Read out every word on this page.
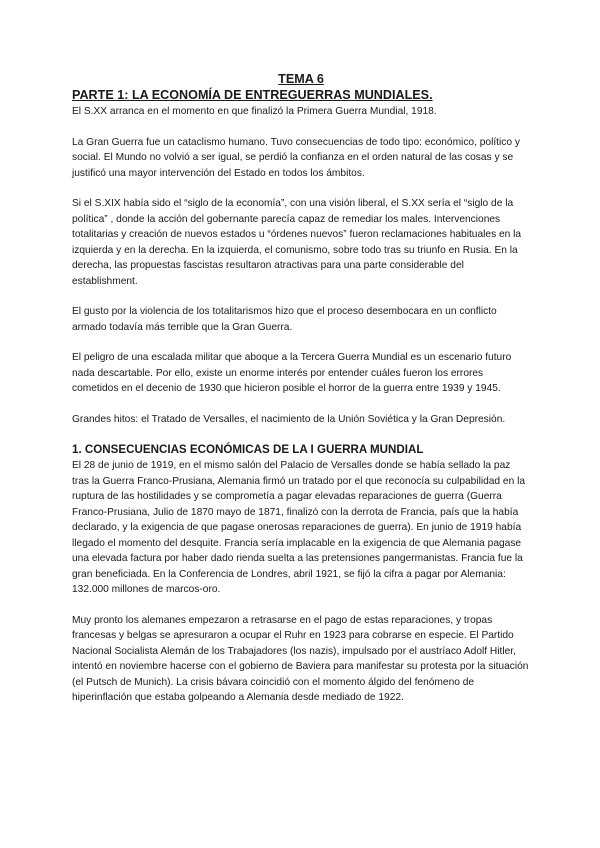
TEMA 6
PARTE 1: LA ECONOMÍA DE ENTREGUERRAS MUNDIALES.

El S.XX arranca en el momento en que finalizó la Primera Guerra Mundial, 1918.

La Gran Guerra fue un cataclismo humano. Tuvo consecuencias de todo tipo: económico, político y social. El Mundo no volvió a ser igual, se perdió la confianza en el orden natural de las cosas y se justificó una mayor intervención del Estado en todos los ámbitos.

Si el S.XIX había sido el “siglo de la economía”, con una visión liberal, el S.XX sería el “siglo de la política” , donde la acción del gobernante parecía capaz de remediar los males. Intervenciones totalitarias y creación de nuevos estados u “órdenes nuevos” fueron reclamaciones habituales en la izquierda y en la derecha. En la izquierda, el comunismo, sobre todo tras su triunfo en Rusia. En la derecha, las propuestas fascistas resultaron atractivas para una parte considerable del establishment.

El gusto por la violencia de los totalitarismos hizo que el proceso desembocara en un conflicto armado todavía más terrible que la Gran Guerra.

El peligro de una escalada militar que aboque a la Tercera Guerra Mundial es un escenario futuro nada descartable. Por ello, existe un enorme interés por entender cuáles fueron los errores cometidos en el decenio de 1930 que hicieron posible el horror de la guerra entre 1939 y 1945.

Grandes hitos: el Tratado de Versalles, el nacimiento de la Unión Soviética y la Gran Depresión.

1. CONSECUENCIAS ECONÓMICAS DE LA I GUERRA MUNDIAL

El 28 de junio de 1919, en el mismo salón del Palacio de Versalles donde se había sellado la paz tras la Guerra Franco-Prusiana, Alemania firmó un tratado por el que reconocía su culpabilidad en la ruptura de las hostilidades y se comprometía a pagar elevadas reparaciones de guerra (Guerra Franco-Prusiana, Julio de 1870 mayo de 1871, finalizó con la derrota de Francia, país que la había declarado, y la exigencia de que pagase onerosas reparaciones de guerra). En junio de 1919 había llegado el momento del desquite. Francia sería implacable en la exigencia de que Alemania pagase una elevada factura por haber dado rienda suelta a las pretensiones pangermanistas. Francia fue la gran beneficiada. En la Conferencia de Londres, abril 1921, se fijó la cifra a pagar por Alemania: 132.000 millones de marcos-oro.

Muy pronto los alemanes empezaron a retrasarse en el pago de estas reparaciones, y tropas francesas y belgas se apresuraron a ocupar el Ruhr en 1923 para cobrarse en especie. El Partido Nacional Socialista Alemán de los Trabajadores (los nazis), impulsado por el austríaco Adolf Hitler, intentó en noviembre hacerse con el gobierno de Baviera para manifestar su protesta por la situación (el Putsch de Munich). La crisis bávara coincidió con el momento álgido del fenómeno de hiperinflación que estaba golpeando a Alemania desde mediado de 1922.
